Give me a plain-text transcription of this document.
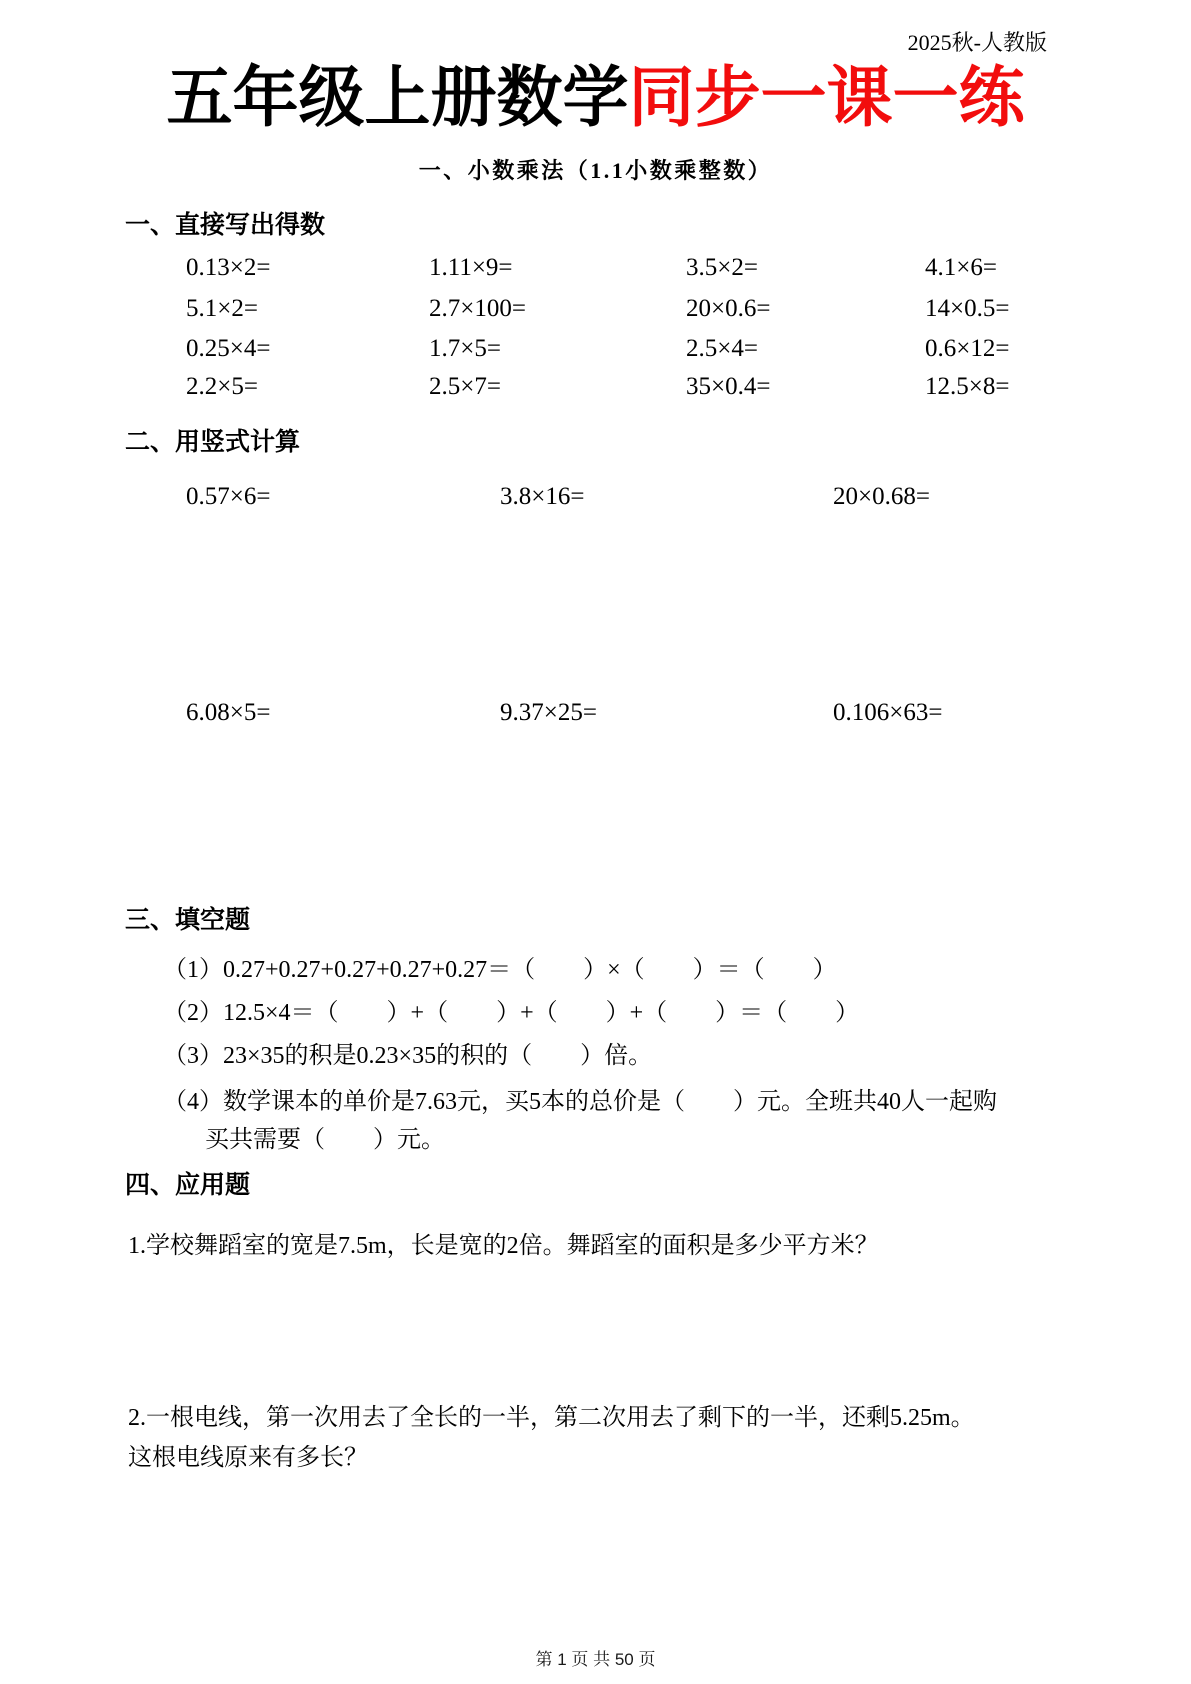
2025秋-人教版
五年级上册数学同步一课一练
一、小数乘法（1.1小数乘整数）
一、直接写出得数
0.13×2=	1.11×9=	3.5×2=	4.1×6=
5.1×2=	2.7×100=	20×0.6=	14×0.5=
0.25×4=	1.7×5=	2.5×4=	0.6×12=
2.2×5=	2.5×7=	35×0.4=	12.5×8=
二、用竖式计算
0.57×6=	3.8×16=	20×0.68=
6.08×5=	9.37×25=	0.106×63=
三、填空题
（1）0.27+0.27+0.27+0.27+0.27＝（　　）×（　　）＝（　　）
（2）12.5×4＝（　　）+（　　）+（　　）+（　　）＝（　　）
（3）23×35的积是0.23×35的积的（　　）倍。
（4）数学课本的单价是7.63元，买5本的总价是（　　）元。全班共40人一起购
买共需要（　　）元。
四、应用题
1.学校舞蹈室的宽是7.5m，长是宽的2倍。舞蹈室的面积是多少平方米？
2.一根电线，第一次用去了全长的一半，第二次用去了剩下的一半，还剩5.25m。
这根电线原来有多长？
第 1 页 共 50 页
